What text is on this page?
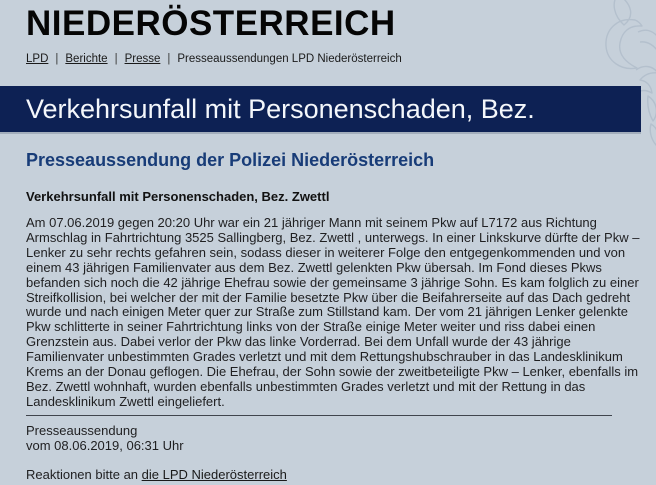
NIEDERÖSTERREICH
LPD | Berichte | Presse | Presseaussendungen LPD Niederösterreich
Verkehrsunfall mit Personenschaden, Bez.
Presseaussendung der Polizei Niederösterreich
Verkehrsunfall mit Personenschaden, Bez. Zwettl
Am 07.06.2019 gegen 20:20 Uhr war ein 21 jähriger Mann mit seinem Pkw auf L7172 aus Richtung Armschlag in Fahrtrichtung 3525 Sallingberg, Bez. Zwettl , unterwegs. In einer Linkskurve dürfte der Pkw – Lenker zu sehr rechts gefahren sein, sodass dieser in weiterer Folge den entgegenkommenden und von einem 43 jährigen Familienvater aus dem Bez. Zwettl gelenkten Pkw übersah. Im Fond dieses Pkws befanden sich noch die 42 jährige Ehefrau sowie der gemeinsame 3 jährige Sohn. Es kam folglich zu einer Streifkollision, bei welcher der mit der Familie besetzte Pkw über die Beifahrerseite auf das Dach gedreht wurde und nach einigen Meter quer zur Straße zum Stillstand kam. Der vom 21 jährigen Lenker gelenkte Pkw schlitterte in seiner Fahrtrichtung links von der Straße einige Meter weiter und riss dabei einen Grenzstein aus. Dabei verlor der Pkw das linke Vorderrad. Bei dem Unfall wurde der 43 jährige Familienvater unbestimmten Grades verletzt und mit dem Rettungshubschrauber in das Landesklinikum Krems an der Donau geflogen. Die Ehefrau, der Sohn sowie der zweitbeteiligte Pkw – Lenker, ebenfalls im Bez. Zwettl wohnhaft, wurden ebenfalls unbestimmten Grades verletzt und mit der Rettung in das Landesklinikum Zwettl eingeliefert.
Presseaussendung
vom 08.06.2019, 06:31 Uhr
Reaktionen bitte an die LPD Niederösterreich
